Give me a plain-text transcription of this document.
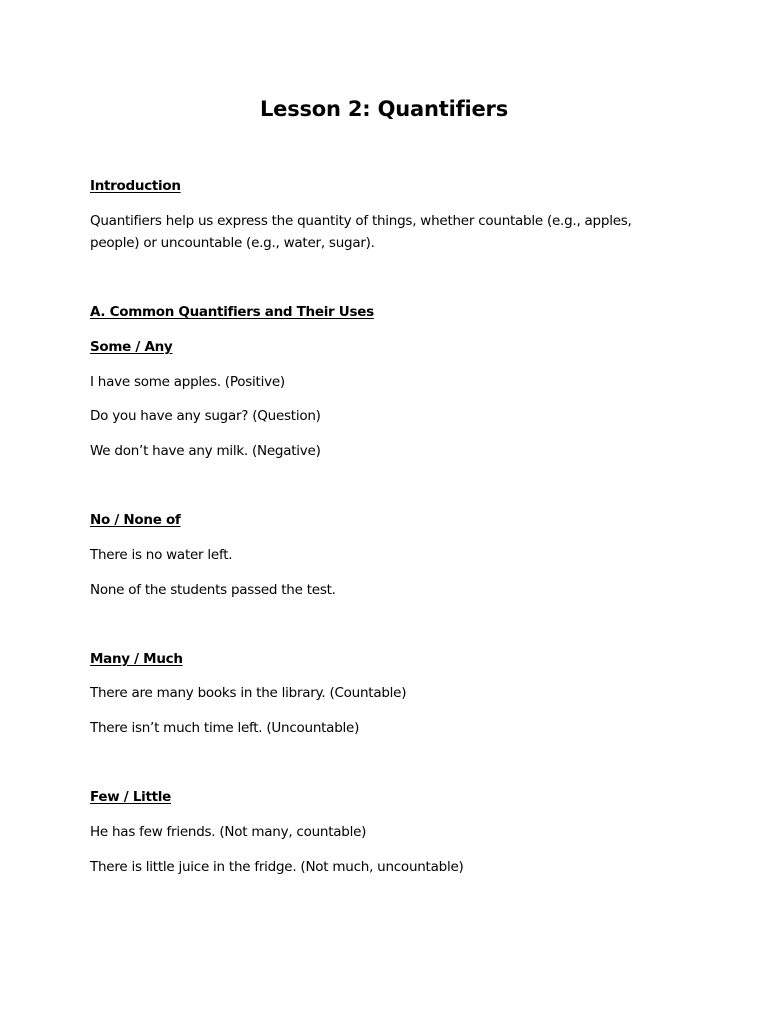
Lesson 2: Quantifiers
Introduction

Quantifiers help us express the quantity of things, whether countable (e.g., apples, people) or uncountable (e.g., water, sugar).

A. Common Quantifiers and Their Uses
Some / Any
I have some apples. (Positive)
Do you have any sugar? (Question)
We don’t have any milk. (Negative)
No / None of
There is no water left.
None of the students passed the test.
Many / Much
There are many books in the library. (Countable)
There isn’t much time left. (Uncountable)
Few / Little
He has few friends. (Not many, countable)
There is little juice in the fridge. (Not much, uncountable)
